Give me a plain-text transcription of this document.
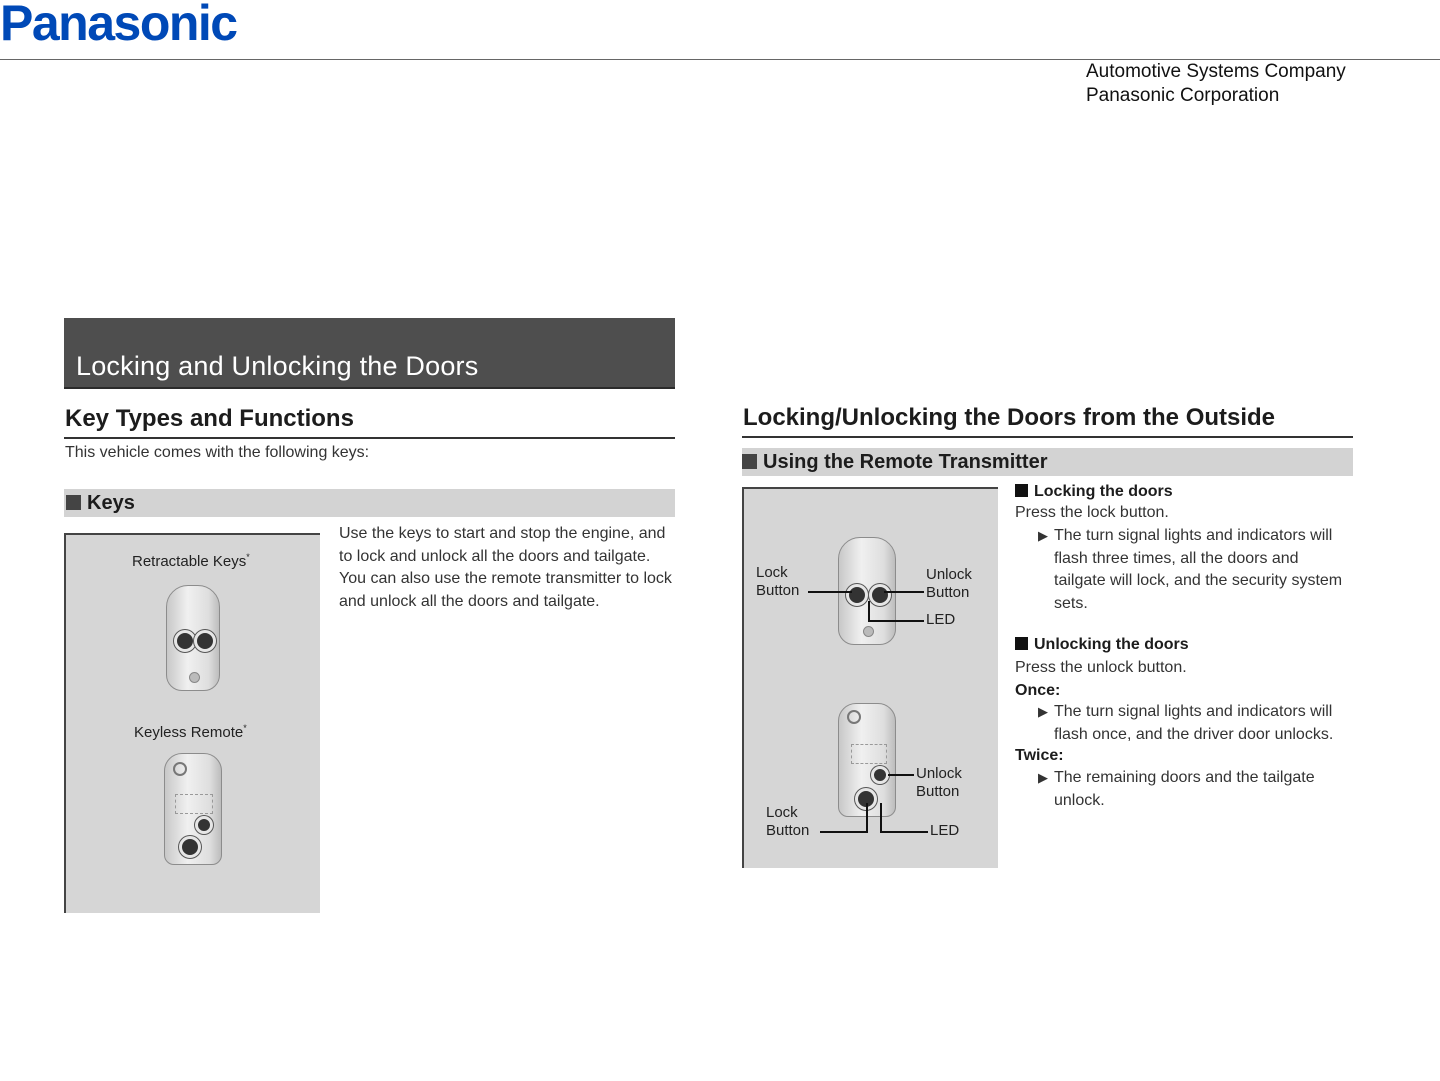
Panasonic
Automotive Systems Company
Panasonic Corporation
Locking and Unlocking the Doors
Key Types and Functions
This vehicle comes with the following keys:
Keys
Retractable Keys*
Keyless Remote*
Use the keys to start and stop the engine, and to lock and unlock all the doors and tailgate. You can also use the remote transmitter to lock and unlock all the doors and tailgate.
Locking/Unlocking the Doors from the Outside
Using the Remote Transmitter
Lock
Button
Unlock
Button
LED
Unlock
Button
Lock
Button	LED
Locking the doors
Press the lock button.
▶ The turn signal lights and indicators will flash three times, all the doors and tailgate will lock, and the security system sets.
Unlocking the doors
Press the unlock button.
Once:
▶ The turn signal lights and indicators will flash once, and the driver door unlocks.
Twice:
▶ The remaining doors and the tailgate unlock.
